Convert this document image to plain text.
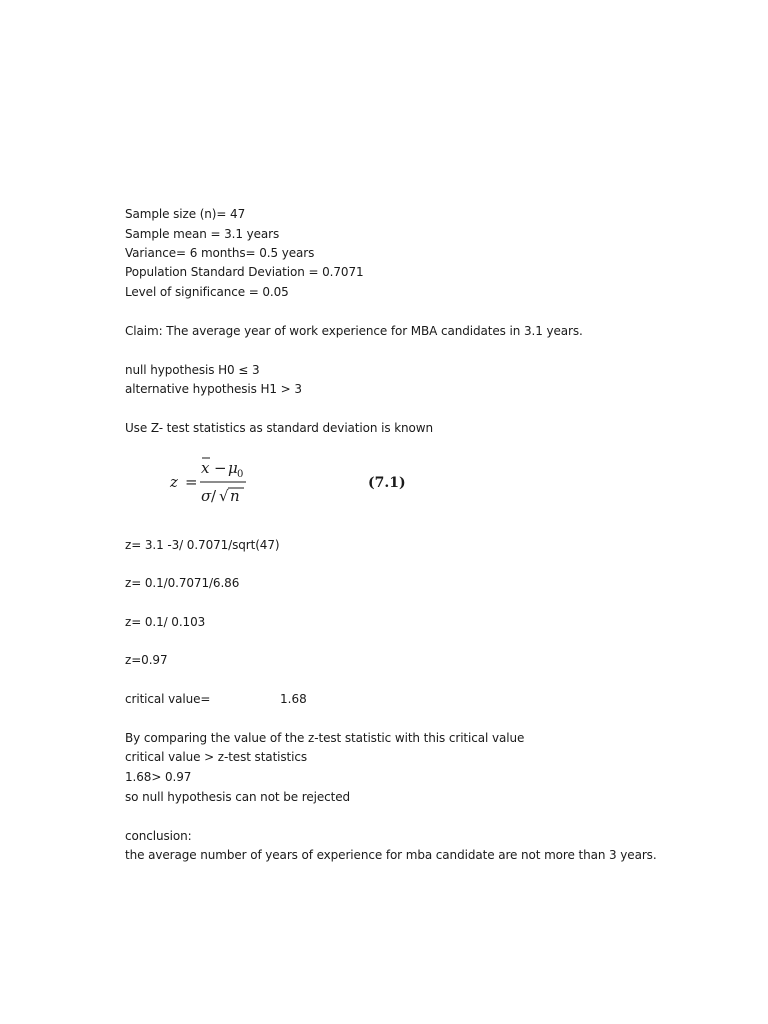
Sample size (n)= 47
Sample mean = 3.1 years
Variance= 6 months= 0.5 years
Population Standard Deviation = 0.7071
Level of significance = 0.05
Claim: The average year of work experience for MBA candidates in 3.1 years.
null hypothesis H0 ≤ 3
alternative hypothesis H1 > 3
Use Z- test statistics as standard deviation is known
z =
x − μ 0
σ / √ n
(7.1)
z= 3.1 -3/ 0.7071/sqrt(47)
z= 0.1/0.7071/6.86
z= 0.1/ 0.103
z=0.97
critical value=	1.68
By comparing the value of the z-test statistic with this critical value
critical value > z-test statistics
1.68> 0.97
so null hypothesis can not be rejected
conclusion:
the average number of years of experience for mba candidate are not more than 3 years.
